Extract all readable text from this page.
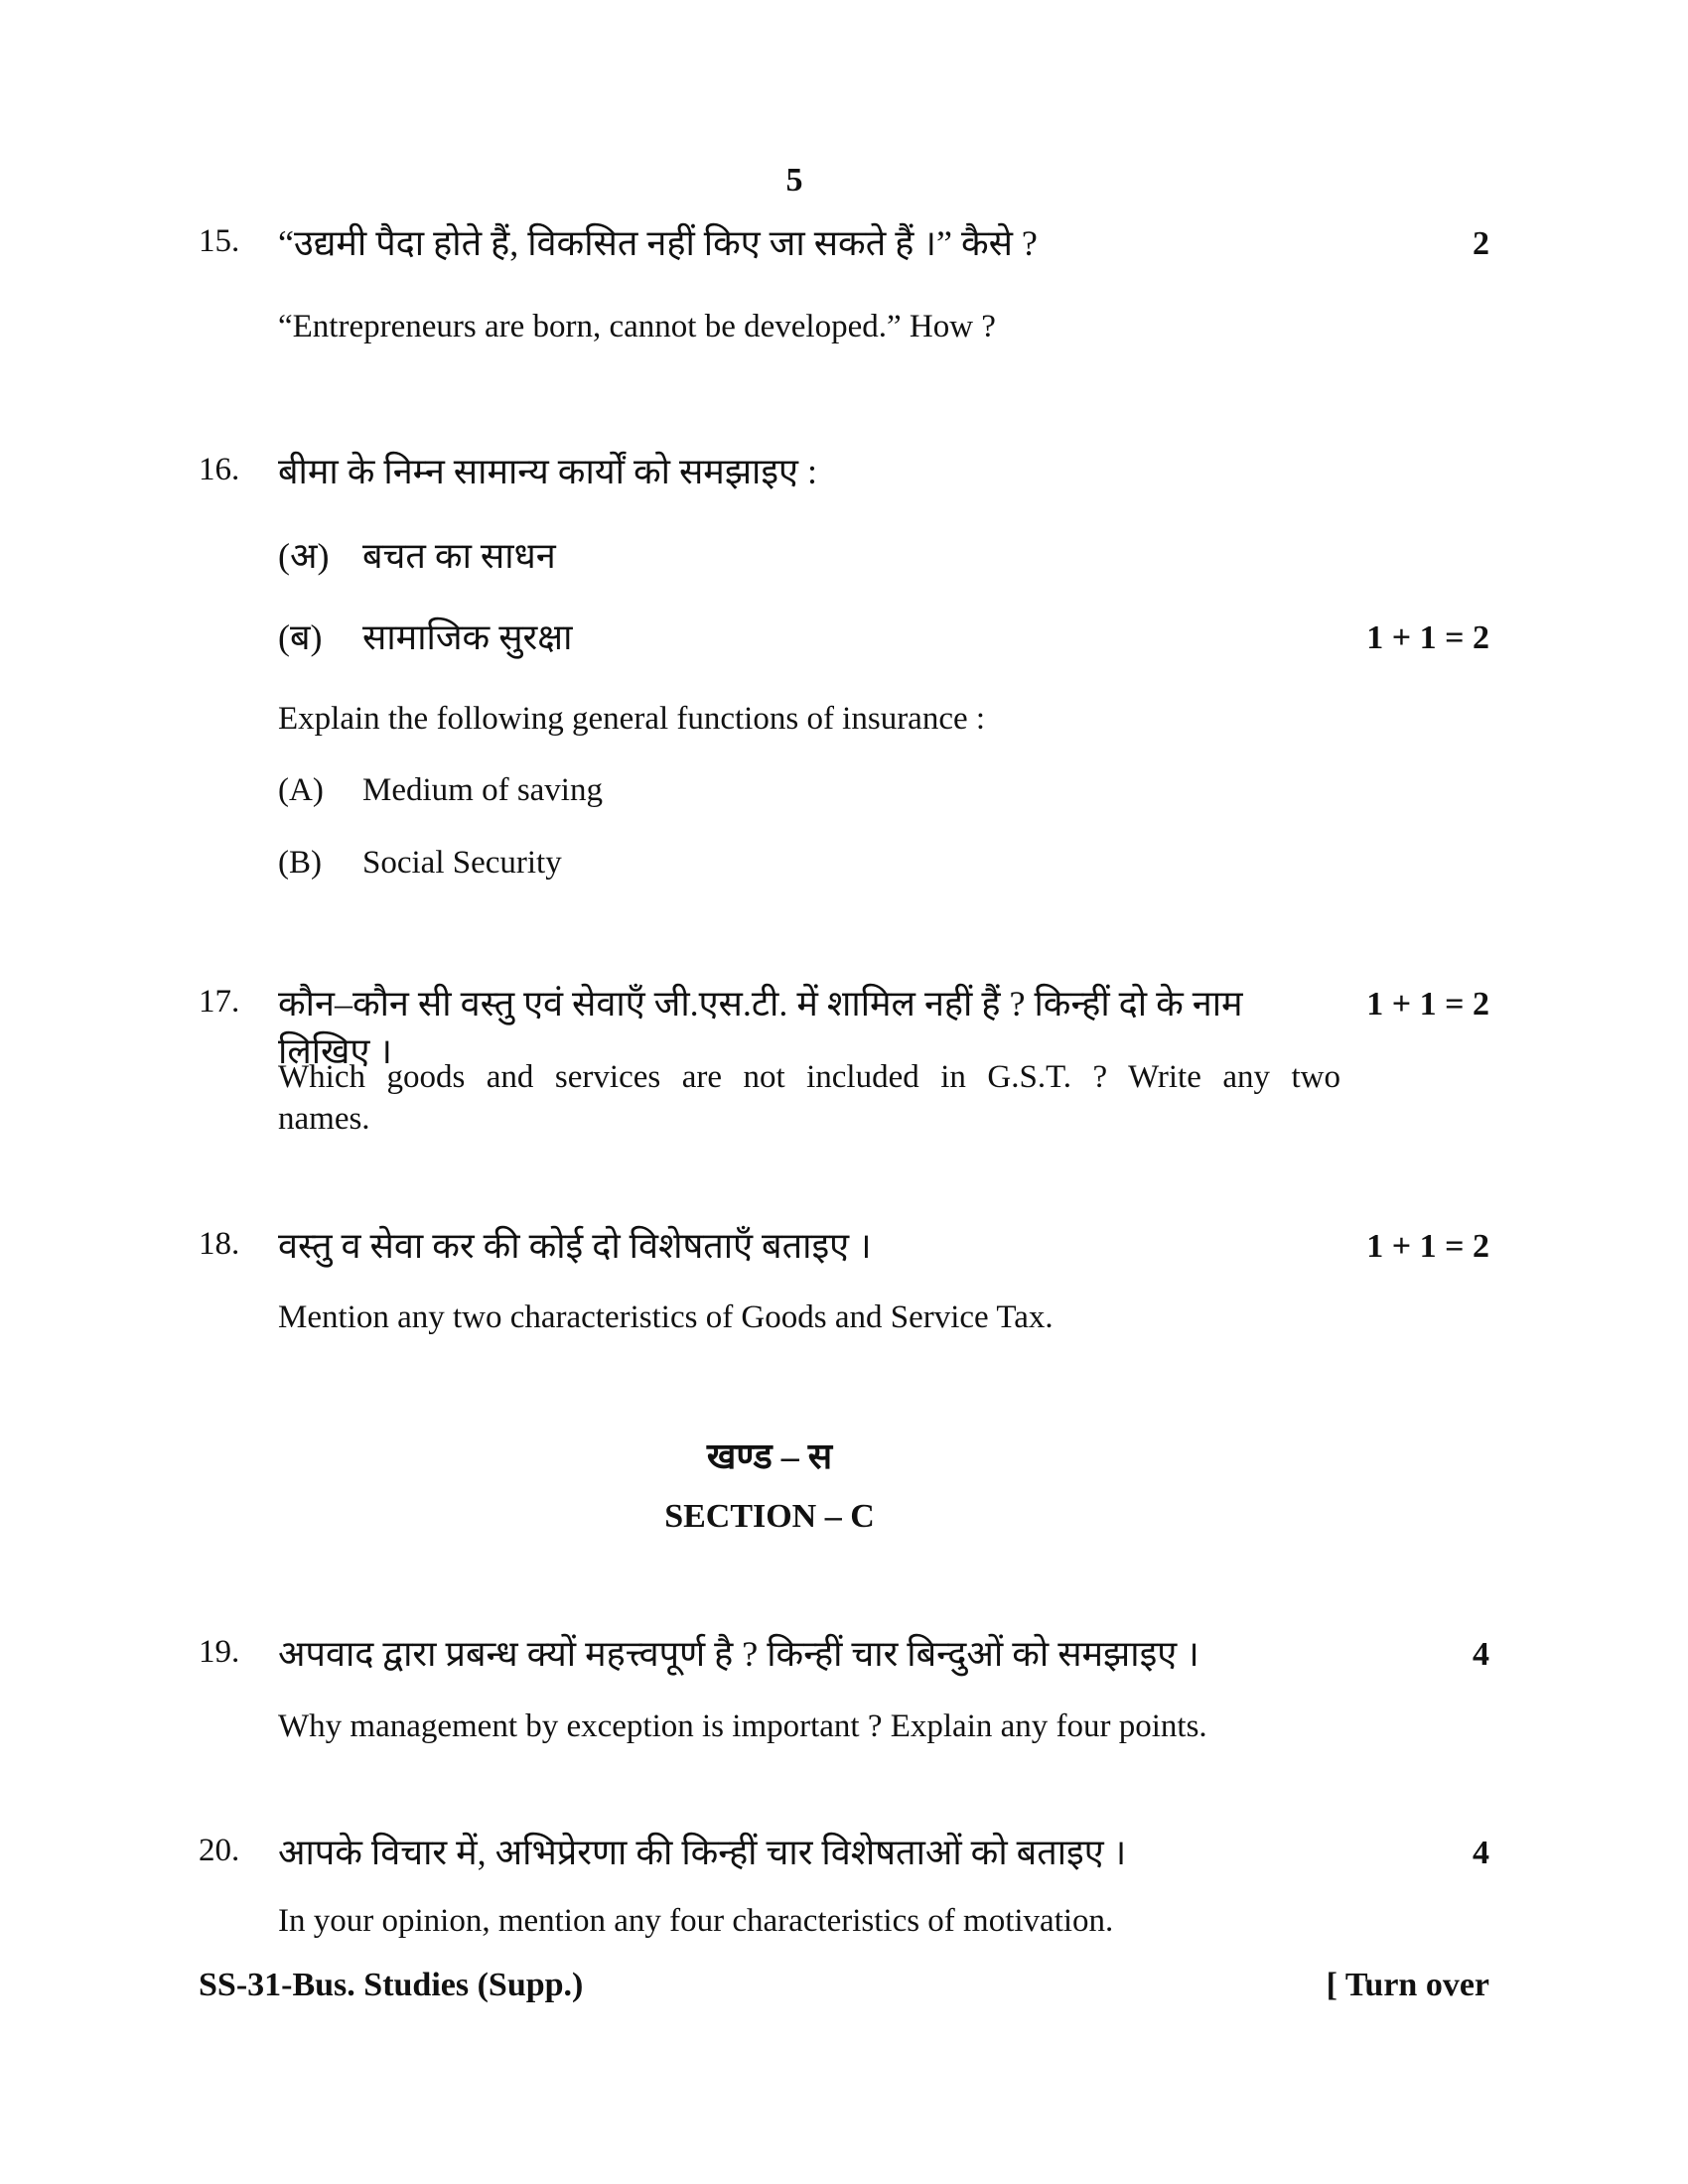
5
15.	“उद्यमी पैदा होते हैं, विकसित नहीं किए जा सकते हैं ।” कैसे ?	2
“Entrepreneurs are born, cannot be developed.” How ?
16.	बीमा के निम्न सामान्य कार्यों को समझाइए :
(अ) बचत का साधन
(ब)	सामाजिक सुरक्षा	1 + 1 = 2
Explain the following general functions of insurance :
(A)	Medium of saving
(B)	Social Security
17.	कौन–कौन सी वस्तु एवं सेवाएँ जी.एस.टी. में शामिल नहीं हैं ? किन्हीं दो के नाम लिखिए ।
1 + 1 = 2
Which goods and services are not included in G.S.T. ? Write any two
names.
18.	वस्तु व सेवा कर की कोई दो विशेषताएँ बताइए ।	1 + 1 = 2
Mention any two characteristics of Goods and Service Tax.
खण्ड – स
SECTION – C
19.	अपवाद द्वारा प्रबन्ध क्यों महत्त्वपूर्ण है ? किन्हीं चार बिन्दुओं को समझाइए ।	4
Why management by exception is important ? Explain any four points.
20.	आपके विचार में, अभिप्रेरणा की किन्हीं चार विशेषताओं को बताइए ।	4
In your opinion, mention any four characteristics of motivation.
SS-31-Bus. Studies (Supp.)	[ Turn over
